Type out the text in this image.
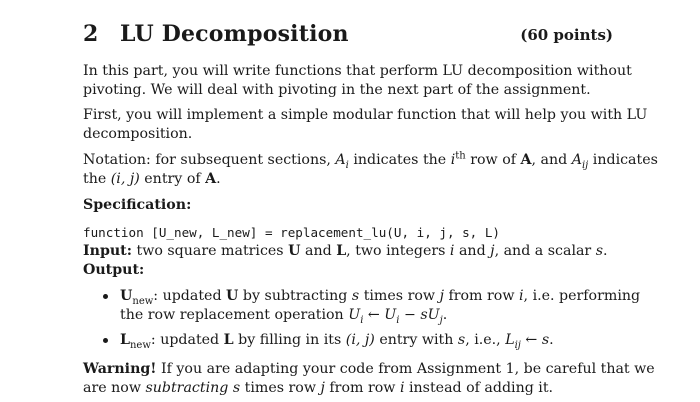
2 LU Decomposition	(60 points)

In this part, you will write functions that perform LU decomposition without
pivoting. We will deal with pivoting in the next part of the assignment.

First, you will implement a simple modular function that will help you with LU
decomposition.

Notation: for subsequent sections, $A_i$ indicates the $i^{th}$ row of A, and $A_{ij}$ indicates
the (i, j) entry of A.

Specification:

function [U_new, L_new] = replacement_lu(U, i, j, s, L)
Input: two square matrices U and L, two integers i and j, and a scalar s.
Output:

$U_{new}$: updated U by subtracting s times row j from row i, i.e. performing
the row replacement operation $U_i$ ← $U_i - sU_j$.
$L_{new}$: updated L by filling in its (i, j) entry with s, i.e., $L_{ij}$ ← s.

Warning! If you are adapting your code from Assignment 1, be careful that we
are now subtracting s times row j from row i instead of adding it.
